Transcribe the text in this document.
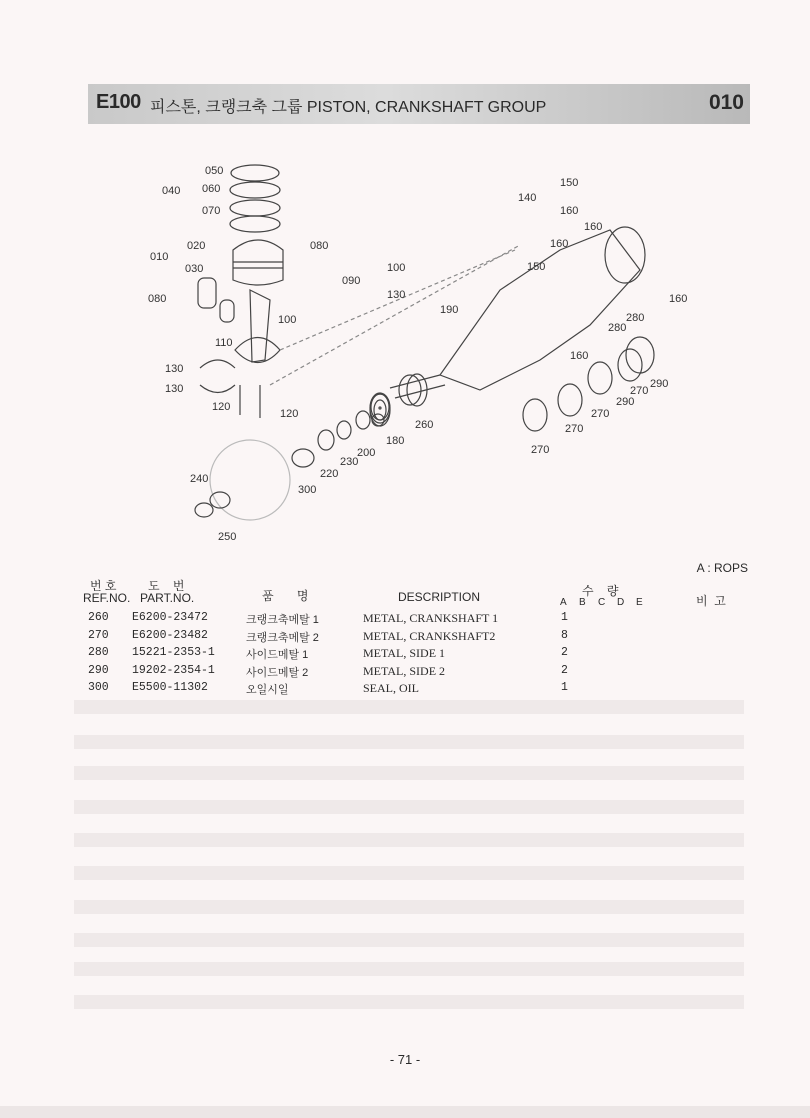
E100 피스톤, 크랭크축 그룹 PISTON, CRANKSHAFT GROUP	010
050
040 060
070
020
010
030
080
080
100
110
130
130
120
120
090
100
130
190
140
150
160
160
160
150
160
160
280
280
290
270
290
270
270
270
260
180
200
230
220
300
240
250
A : ROPS
번 호
REF.NO.
도    번
PART.NO.	품       명	DESCRIPTION	수    량
A B C D E	비  고
260 E6200-23472	크랭크축메탈 1	METAL, CRANKSHAFT 1	1
270 E6200-23482	크랭크축메탈 2	METAL, CRANKSHAFT2	8
280 15221-2353-1	사이드메탈 1	METAL, SIDE 1	2
290 19202-2354-1	사이드메탈 2	METAL, SIDE 2	2
300 E5500-11302	오일시일	SEAL, OIL	1
- 71 -
